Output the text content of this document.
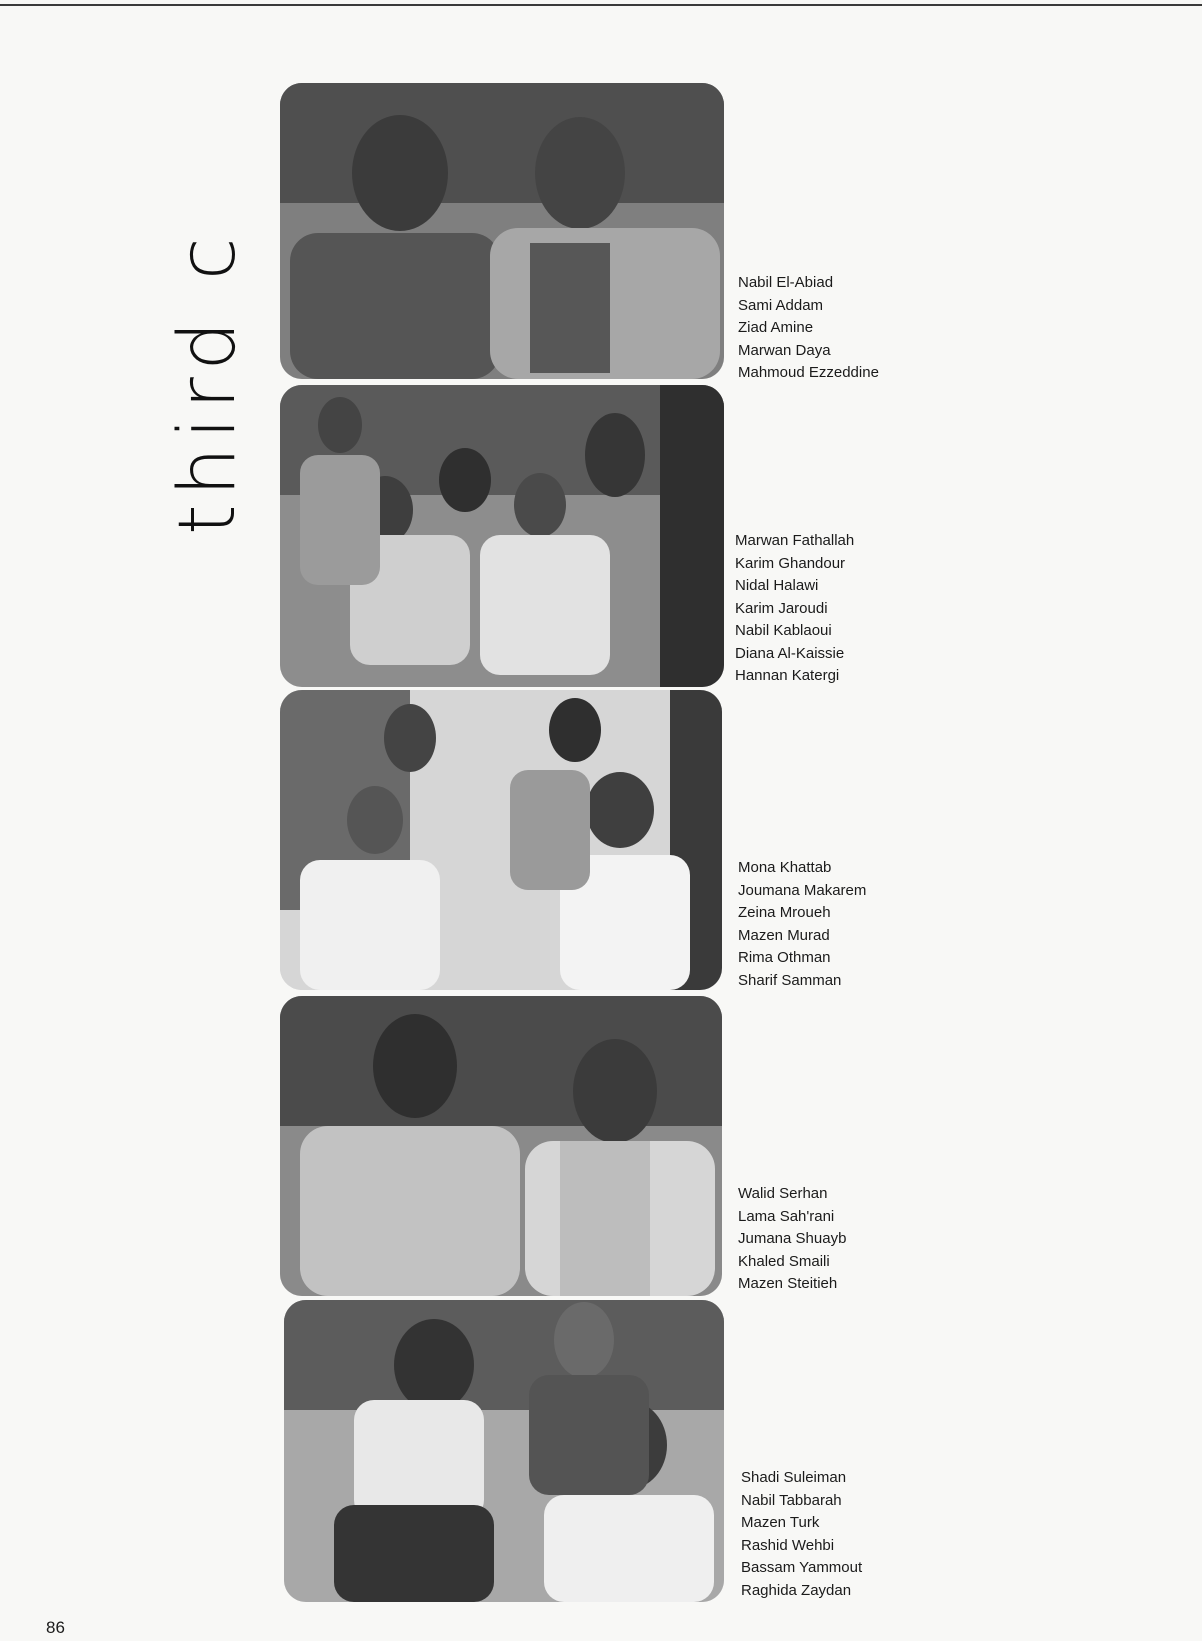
third c	Nabil El-Abiad
Sami Addam
Ziad Amine
Marwan Daya
Mahmoud Ezzeddine
Marwan Fathallah
Karim Ghandour
Nidal Halawi
Karim Jaroudi
Nabil Kablaoui
Diana Al-Kaissie
Hannan Katergi
Mona Khattab
Joumana Makarem
Zeina Mroueh
Mazen Murad
Rima Othman
Sharif Samman
Walid Serhan
Lama Sah'rani
Jumana Shuayb
Khaled Smaili
Mazen Steitieh
Shadi Suleiman
Nabil Tabbarah
Mazen Turk
Rashid Wehbi
Bassam Yammout
Raghida Zaydan
86
